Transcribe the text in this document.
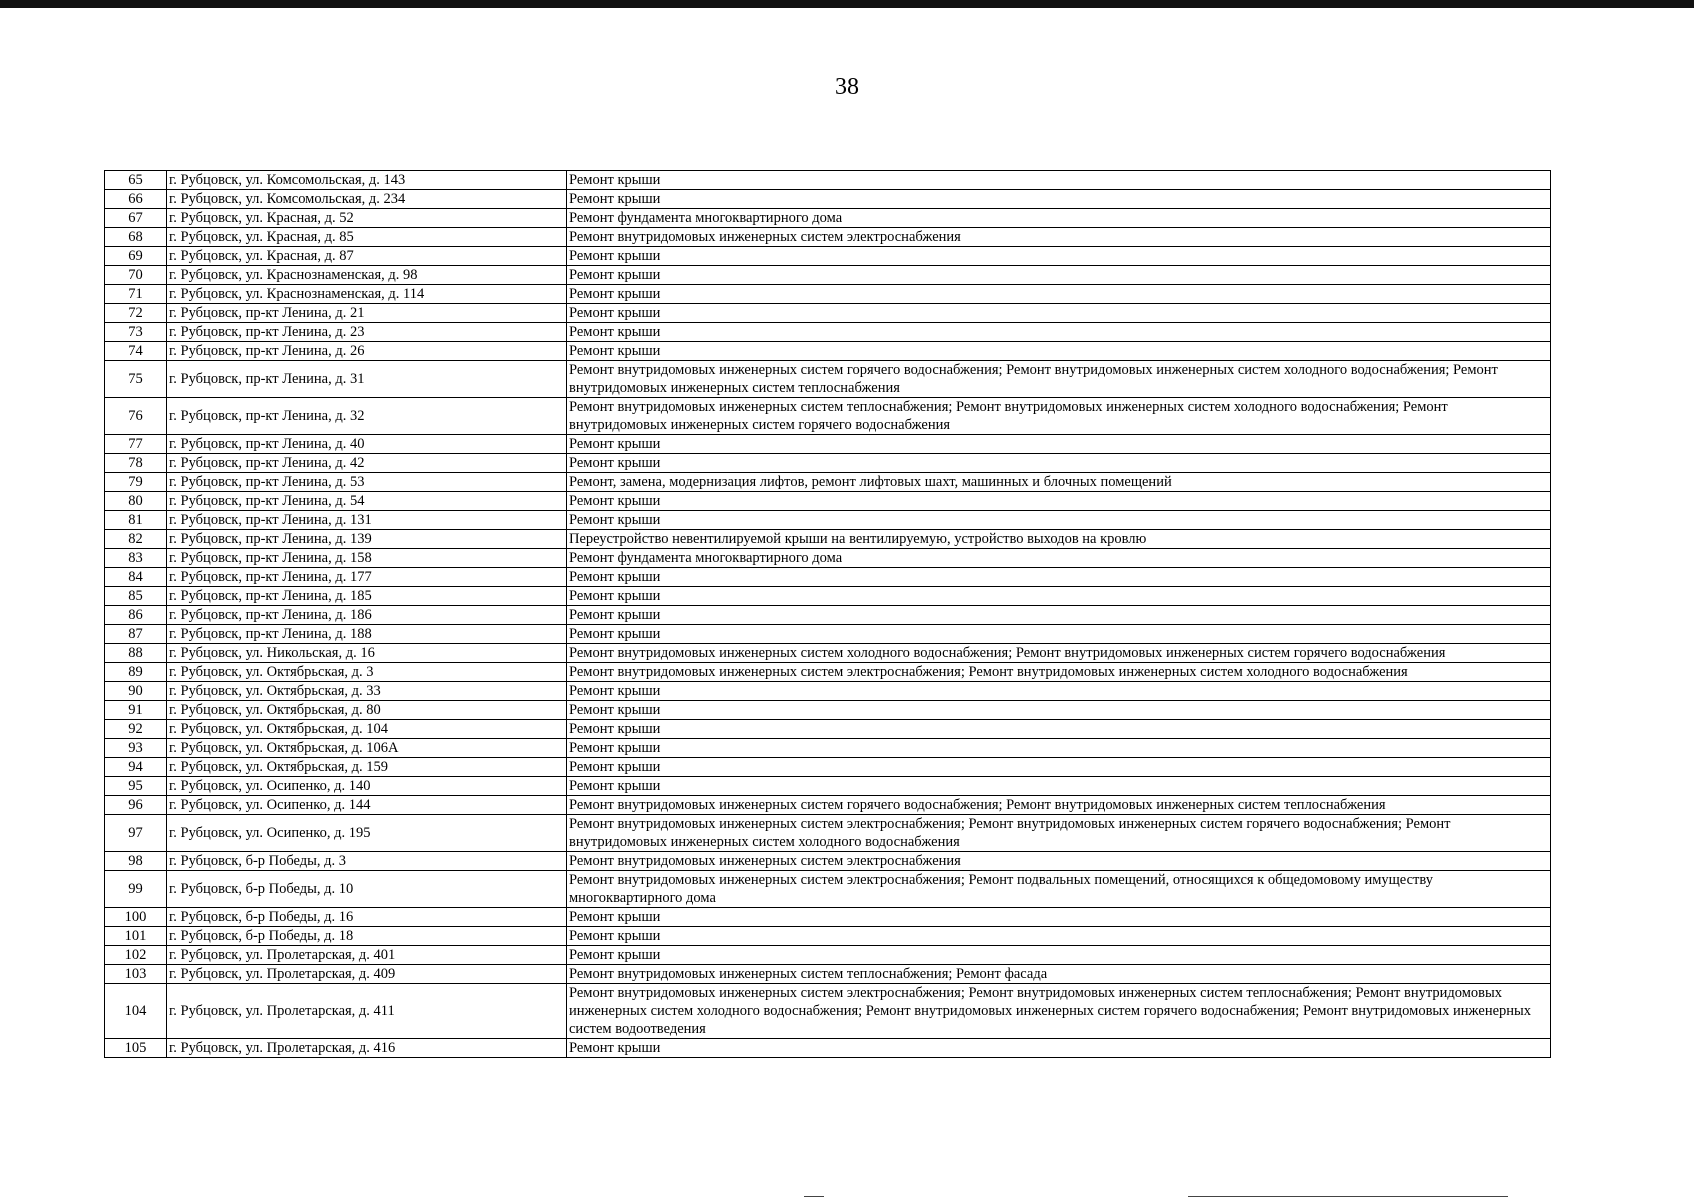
38
65	г. Рубцовск, ул. Комсомольская, д. 143	Ремонт крыши
66	г. Рубцовск, ул. Комсомольская, д. 234	Ремонт крыши
67	г. Рубцовск, ул. Красная, д. 52	Ремонт фундамента многоквартирного дома
68	г. Рубцовск, ул. Красная, д. 85	Ремонт внутридомовых инженерных систем электроснабжения
69	г. Рубцовск, ул. Красная, д. 87	Ремонт крыши
70	г. Рубцовск, ул. Краснознаменская, д. 98	Ремонт крыши
71	г. Рубцовск, ул. Краснознаменская, д. 114	Ремонт крыши
72	г. Рубцовск, пр-кт Ленина, д. 21	Ремонт крыши
73	г. Рубцовск, пр-кт Ленина, д. 23	Ремонт крыши
74	г. Рубцовск, пр-кт Ленина, д. 26	Ремонт крыши
75	г. Рубцовск, пр-кт Ленина, д. 31	Ремонт внутридомовых инженерных систем горячего водоснабжения; Ремонт внутридомовых инженерных систем холодного водоснабжения; Ремонт внутридомовых инженерных систем теплоснабжения
76	г. Рубцовск, пр-кт Ленина, д. 32	Ремонт внутридомовых инженерных систем теплоснабжения; Ремонт внутридомовых инженерных систем холодного водоснабжения; Ремонт внутридомовых инженерных систем горячего водоснабжения
77	г. Рубцовск, пр-кт Ленина, д. 40	Ремонт крыши
78	г. Рубцовск, пр-кт Ленина, д. 42	Ремонт крыши
79	г. Рубцовск, пр-кт Ленина, д. 53	Ремонт, замена, модернизация лифтов, ремонт лифтовых шахт, машинных и блочных помещений
80	г. Рубцовск, пр-кт Ленина, д. 54	Ремонт крыши
81	г. Рубцовск, пр-кт Ленина, д. 131	Ремонт крыши
82	г. Рубцовск, пр-кт Ленина, д. 139	Переустройство невентилируемой крыши на вентилируемую, устройство выходов на кровлю
83	г. Рубцовск, пр-кт Ленина, д. 158	Ремонт фундамента многоквартирного дома
84	г. Рубцовск, пр-кт Ленина, д. 177	Ремонт крыши
85	г. Рубцовск, пр-кт Ленина, д. 185	Ремонт крыши
86	г. Рубцовск, пр-кт Ленина, д. 186	Ремонт крыши
87	г. Рубцовск, пр-кт Ленина, д. 188	Ремонт крыши
88	г. Рубцовск, ул. Никольская, д. 16	Ремонт внутридомовых инженерных систем холодного водоснабжения; Ремонт внутридомовых инженерных систем горячего водоснабжения
89	г. Рубцовск, ул. Октябрьская, д. 3	Ремонт внутридомовых инженерных систем электроснабжения; Ремонт внутридомовых инженерных систем холодного водоснабжения
90	г. Рубцовск, ул. Октябрьская, д. 33	Ремонт крыши
91	г. Рубцовск, ул. Октябрьская, д. 80	Ремонт крыши
92	г. Рубцовск, ул. Октябрьская, д. 104	Ремонт крыши
93	г. Рубцовск, ул. Октябрьская, д. 106А	Ремонт крыши
94	г. Рубцовск, ул. Октябрьская, д. 159	Ремонт крыши
95	г. Рубцовск, ул. Осипенко, д. 140	Ремонт крыши
96	г. Рубцовск, ул. Осипенко, д. 144	Ремонт внутридомовых инженерных систем горячего водоснабжения; Ремонт внутридомовых инженерных систем теплоснабжения
97	г. Рубцовск, ул. Осипенко, д. 195	Ремонт внутридомовых инженерных систем электроснабжения; Ремонт внутридомовых инженерных систем горячего водоснабжения; Ремонт внутридомовых инженерных систем холодного водоснабжения
98	г. Рубцовск, б-р Победы, д. 3	Ремонт внутридомовых инженерных систем электроснабжения
99	г. Рубцовск, б-р Победы, д. 10	Ремонт внутридомовых инженерных систем электроснабжения; Ремонт подвальных помещений, относящихся к общедомовому имуществу многоквартирного дома
100	г. Рубцовск, б-р Победы, д. 16	Ремонт крыши
101	г. Рубцовск, б-р Победы, д. 18	Ремонт крыши
102	г. Рубцовск, ул. Пролетарская, д. 401	Ремонт крыши
103	г. Рубцовск, ул. Пролетарская, д. 409	Ремонт внутридомовых инженерных систем теплоснабжения; Ремонт фасада
104	г. Рубцовск, ул. Пролетарская, д. 411	Ремонт внутридомовых инженерных систем электроснабжения; Ремонт внутридомовых инженерных систем теплоснабжения; Ремонт внутридомовых инженерных систем холодного водоснабжения; Ремонт внутридомовых инженерных систем горячего водоснабжения; Ремонт внутридомовых инженерных систем водоотведения
105	г. Рубцовск, ул. Пролетарская, д. 416	Ремонт крыши
